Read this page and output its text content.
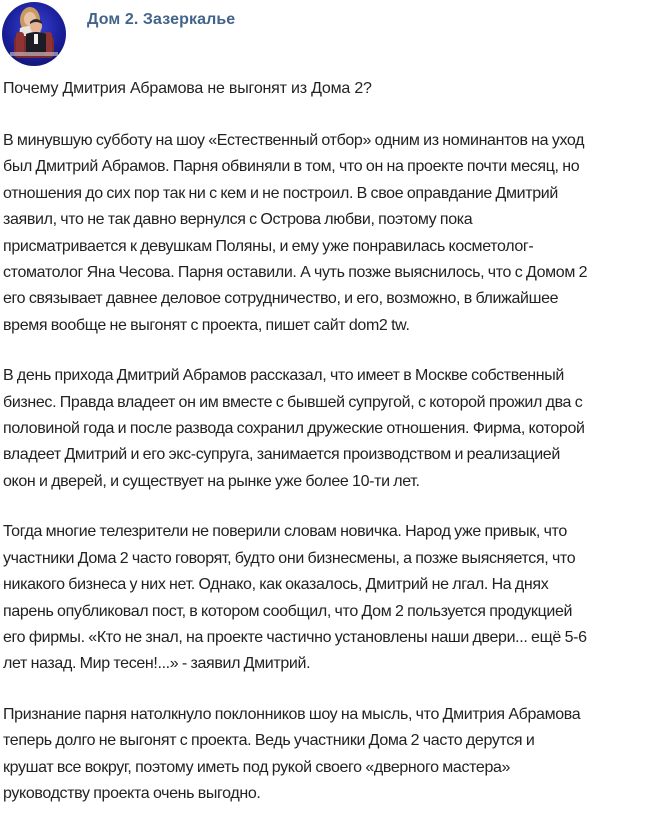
Дом 2. Зазеркалье
Почему Дмитрия Абрамова не выгонят из Дома 2?
В минувшую субботу на шоу «Естественный отбор» одним из номинантов на уход
был Дмитрий Абрамов. Парня обвиняли в том, что он на проекте почти месяц, но
отношения до сих пор так ни с кем и не построил. В свое оправдание Дмитрий
заявил, что не так давно вернулся с Острова любви, поэтому пока
присматривается к девушкам Поляны, и ему уже понравилась косметолог-
стоматолог Яна Чесова. Парня оставили. А чуть позже выяснилось, что с Домом 2
его связывает давнее деловое сотрудничество, и его, возможно, в ближайшее
время вообще не выгонят с проекта, пишет сайт dom2 tw.
В день прихода Дмитрий Абрамов рассказал, что имеет в Москве собственный
бизнес. Правда владеет он им вместе с бывшей супругой, с которой прожил два с
половиной года и после развода сохранил дружеские отношения. Фирма, которой
владеет Дмитрий и его экс-супруга, занимается производством и реализацией
окон и дверей, и существует на рынке уже более 10-ти лет.
Тогда многие телезрители не поверили словам новичка. Народ уже привык, что
участники Дома 2 часто говорят, будто они бизнесмены, а позже выясняется, что
никакого бизнеса у них нет. Однако, как оказалось, Дмитрий не лгал. На днях
парень опубликовал пост, в котором сообщил, что Дом 2 пользуется продукцией
его фирмы. «Кто не знал, на проекте частично установлены наши двери... ещё 5-6
лет назад. Мир тесен!...» - заявил Дмитрий.
Признание парня натолкнуло поклонников шоу на мысль, что Дмитрия Абрамова
теперь долго не выгонят с проекта. Ведь участники Дома 2 часто дерутся и
крушат все вокруг, поэтому иметь под рукой своего «дверного мастера»
руководству проекта очень выгодно.
